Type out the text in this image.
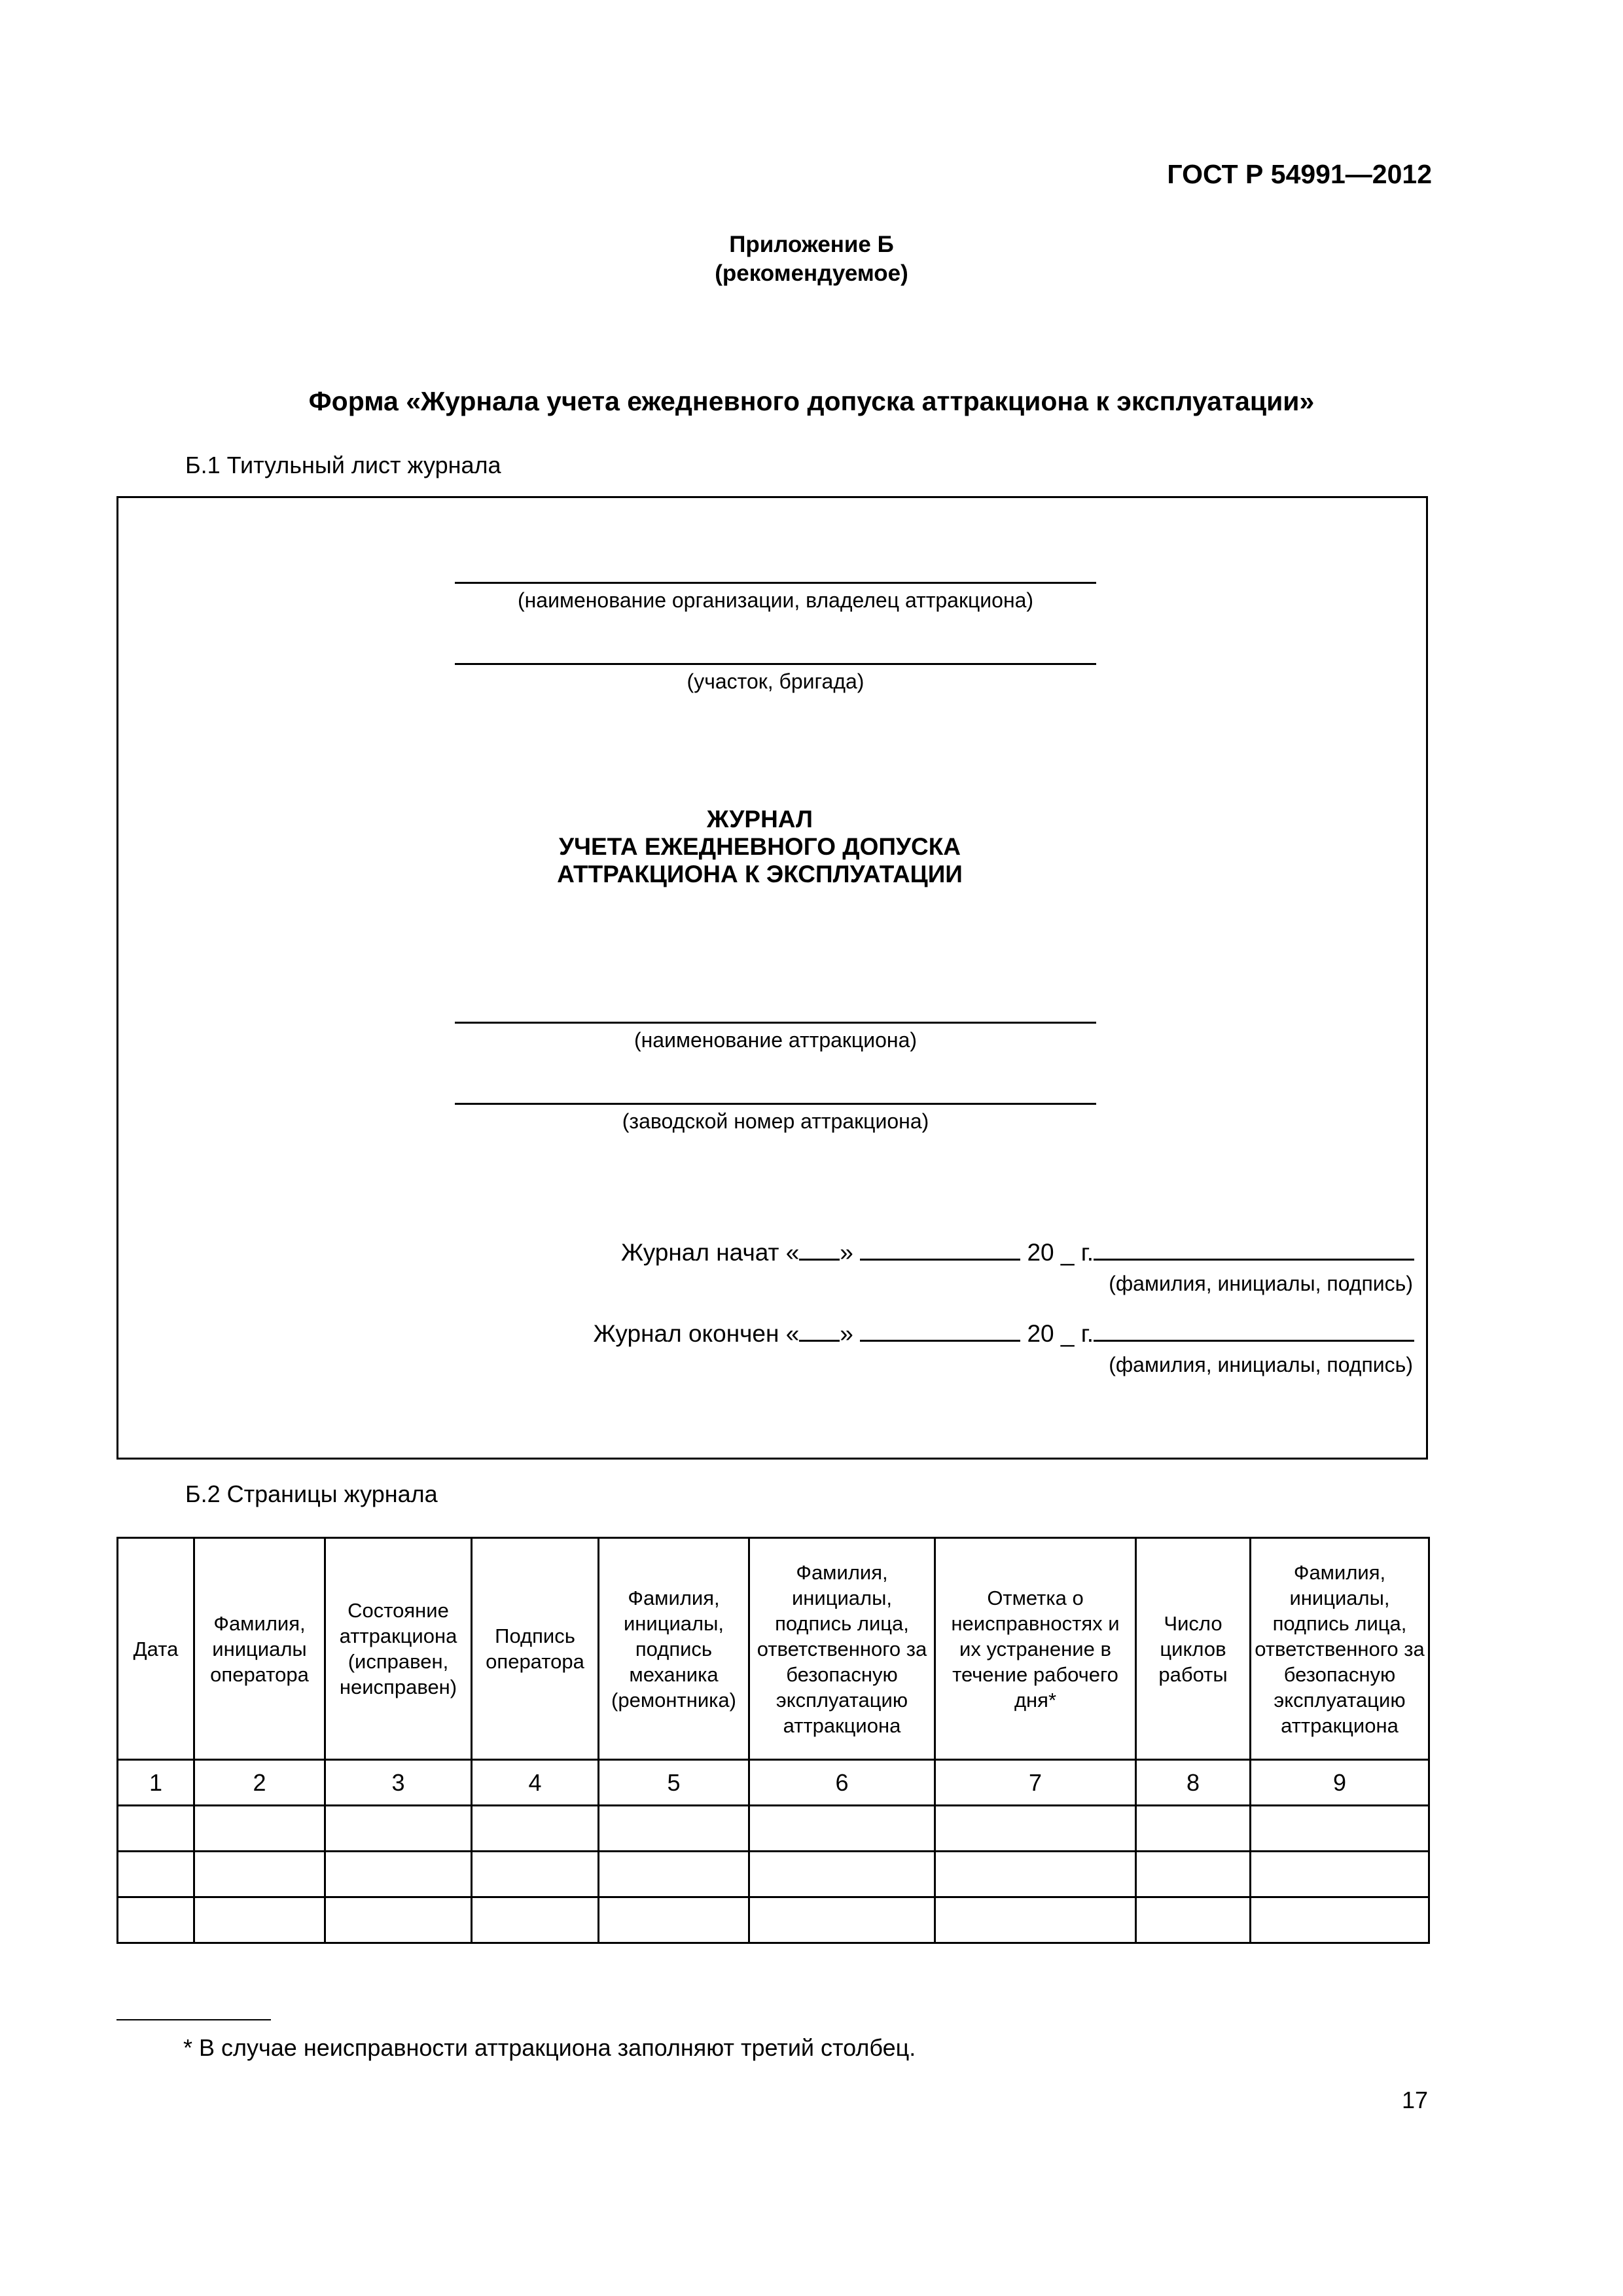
ГОСТ Р 54991—2012
Приложение Б
(рекомендуемое)
Форма «Журнала учета ежедневного допуска аттракциона к эксплуатации»
Б.1 Титульный лист журнала
(наименование организации, владелец аттракциона)
(участок, бригада)
ЖУРНАЛ
УЧЕТА ЕЖЕДНЕВНОГО ДОПУСКА
АТТРАКЦИОНА К ЭКСПЛУАТАЦИИ
(наименование аттракциона)
(заводской номер аттракциона)
Журнал начат « »	20 _ г.
(фамилия, инициалы, подпись)
Журнал окончен « »	20 _ г.
(фамилия, инициалы, подпись)
Б.2 Страницы журнала
Дата	Фамилия, инициалы оператора	Состояние аттракциона (исправен, неисправен)	Подпись оператора	Фамилия, инициалы, подпись механика (ремонтника)	Фамилия, инициалы, подпись лица, ответственного за безопасную эксплуатацию аттракциона	Отметка о неисправностях и их устранение в течение рабочего дня*	Число циклов работы	Фамилия, инициалы, подпись лица, ответственного за безопасную эксплуатацию аттракциона
1	2	3	4	5	6	7	8	9

* В случае неисправности аттракциона заполняют третий столбец.
17
